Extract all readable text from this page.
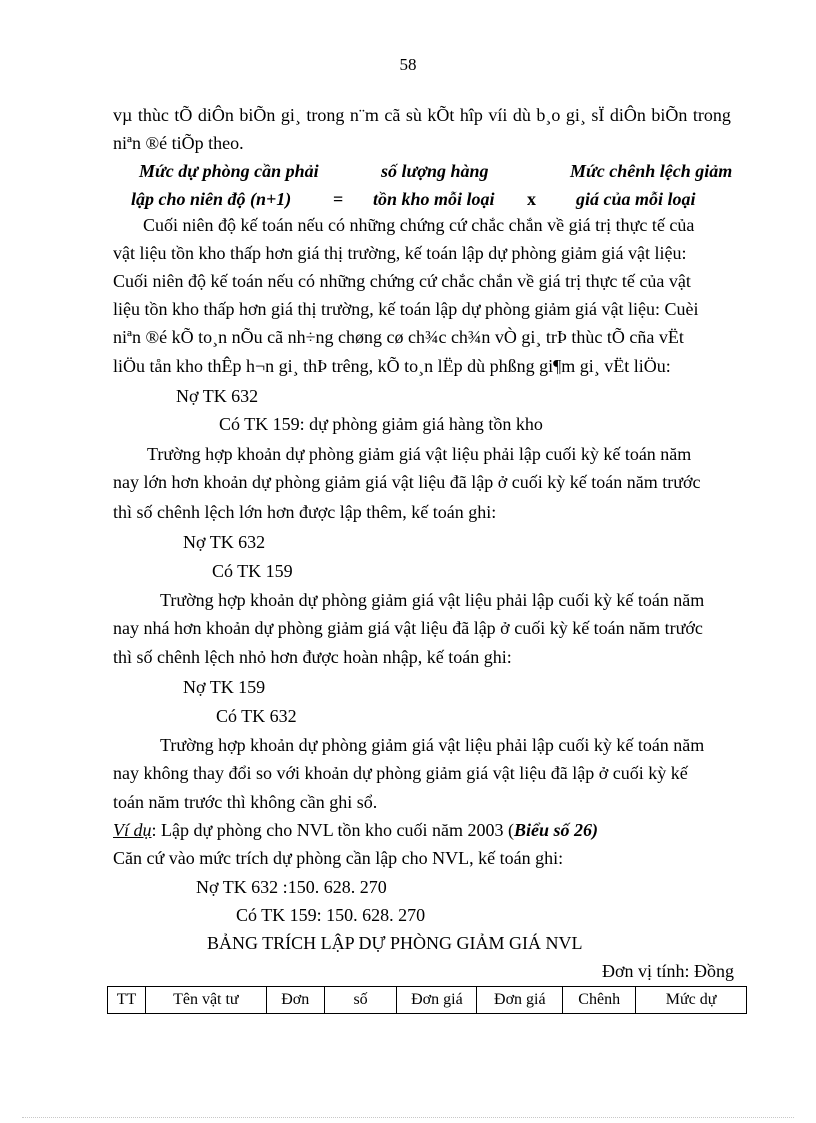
58
vµ thùc tÕ diÔn biÕn gi¸ trong n¨m cã sù kÕt hîp víi dù b¸o gi¸ sÏ diÔn biÕn trong
niªn ®é tiÕp theo.
Mức dự phòng cần phải	số lượng hàng	Mức chênh lệch giảm
lập cho niên độ (n+1) = tồn kho mỗi loại x giá của mỗi loại
Cuối niên độ kế toán nếu có những chứng cứ chắc chắn về giá trị thực tế của
vật liệu tồn kho thấp hơn giá thị trường, kế toán lập dự phòng giảm giá vật liệu:
Cuối niên độ kế toán nếu có những chứng cứ chắc chắn về giá trị thực tế của vật
liệu tồn kho thấp hơn giá thị trường, kế toán lập dự phòng giảm giá vật liệu: Cuèi
niªn ®é kÕ to¸n nÕu cã nh÷ng chøng cø ch¾c ch¾n vÒ gi¸ trÞ thùc tÕ cña vËt
liÖu tån kho thÊp h¬n gi¸ thÞ trêng, kÕ to¸n lËp dù phßng gi¶m gi¸ vËt liÖu:
Nợ TK 632
Có TK 159: dự phòng giảm giá hàng tồn kho
Trường hợp khoản dự phòng giảm giá vật liệu phải lập cuối kỳ kế toán năm
nay lớn hơn khoản dự phòng giảm giá vật liệu đã lập ở cuối kỳ kế toán năm trước
thì số chênh lệch lớn hơn được lập thêm, kế toán ghi:
Nợ TK 632
Có TK 159
Trường hợp khoản dự phòng giảm giá vật liệu phải lập cuối kỳ kế toán năm
nay nhá hơn khoản dự phòng giảm giá vật liệu đã lập ở cuối kỳ kế toán năm trước
thì số chênh lệch nhỏ hơn được hoàn nhập, kế toán ghi:
Nợ TK 159
Có TK 632
Trường hợp khoản dự phòng giảm giá vật liệu phải lập cuối kỳ kế toán năm
nay không thay đổi so với khoản dự phòng giảm giá vật liệu đã lập ở cuối kỳ kế
toán năm trước thì không cần ghi sổ.
Ví dụ: Lập dự phòng cho NVL tồn kho cuối năm 2003 (Biểu số 26)
Căn cứ vào mức trích dự phòng cần lập cho NVL, kế toán ghi:
Nợ TK 632 :150. 628. 270
Có TK 159: 150. 628. 270
BẢNG TRÍCH LẬP DỰ PHÒNG GIẢM GIÁ NVL
Đơn vị tính: Đồng
TT	Tên vật tư	Đơn	số	Đơn giá	Đơn giá	Chênh	Mức dự
